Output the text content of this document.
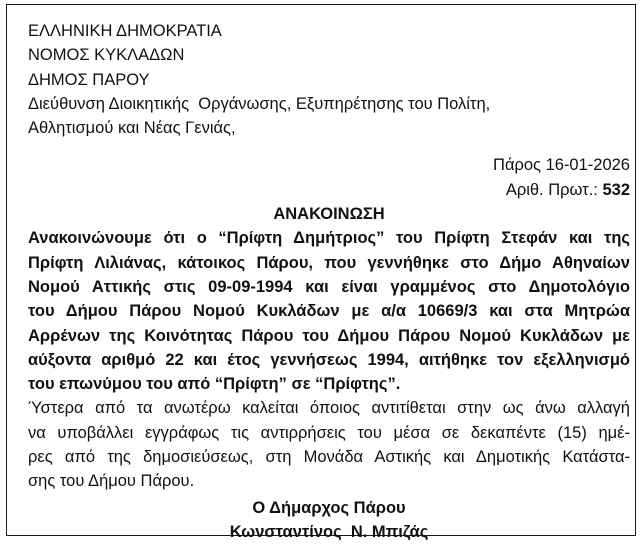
ΕΛΛΗΝΙΚΗ ΔΗΜΟΚΡΑΤΙΑ
ΝΟΜΟΣ ΚΥΚΛΑΔΩΝ
ΔΗΜΟΣ ΠΑΡΟΥ
Διεύθυνση Διοικητικής  Οργάνωσης, Εξυπηρέτησης του Πολίτη,
Αθλητισμού και Νέας Γενιάς,
Πάρος 16-01-2026
Αριθ. Πρωτ.: 532
ΑΝΑΚΟΙΝΩΣΗ
Ανακοινώνουμε ότι ο “Πρίφτη Δημήτριος” του Πρίφτη Στεφάν και της
Πρίφτη Λιλιάνας, κάτοικος Πάρου, που γεννήθηκε στο Δήμο Αθηναίων
Νομού Αττικής στις 09-09-1994 και είναι γραμμένος στο Δημοτολόγιο
του Δήμου Πάρου Νομού Κυκλάδων με α/α 10669/3 και στα Μητρώα
Αρρένων της Κοινότητας Πάρου του Δήμου Πάρου Νομού Κυκλάδων με
αύξοντα αριθμό 22 και έτος γεννήσεως 1994, αιτήθηκε τον εξελληνισμό
του επωνύμου του από “Πρίφτη” σε “Πρίφτης”.
Ύστερα από τα ανωτέρω καλείται όποιος αντιτίθεται στην ως άνω αλλαγή
να υποβάλλει εγγράφως τις αντιρρήσεις του μέσα σε δεκαπέντε (15) ημέ-
ρες από της δημοσιεύσεως, στη Μονάδα Αστικής και Δημοτικής Κατάστα-
σης του Δήμου Πάρου.
Ο Δήμαρχος Πάρου
Κωνσταντίνος  Ν. Μπιζάς
